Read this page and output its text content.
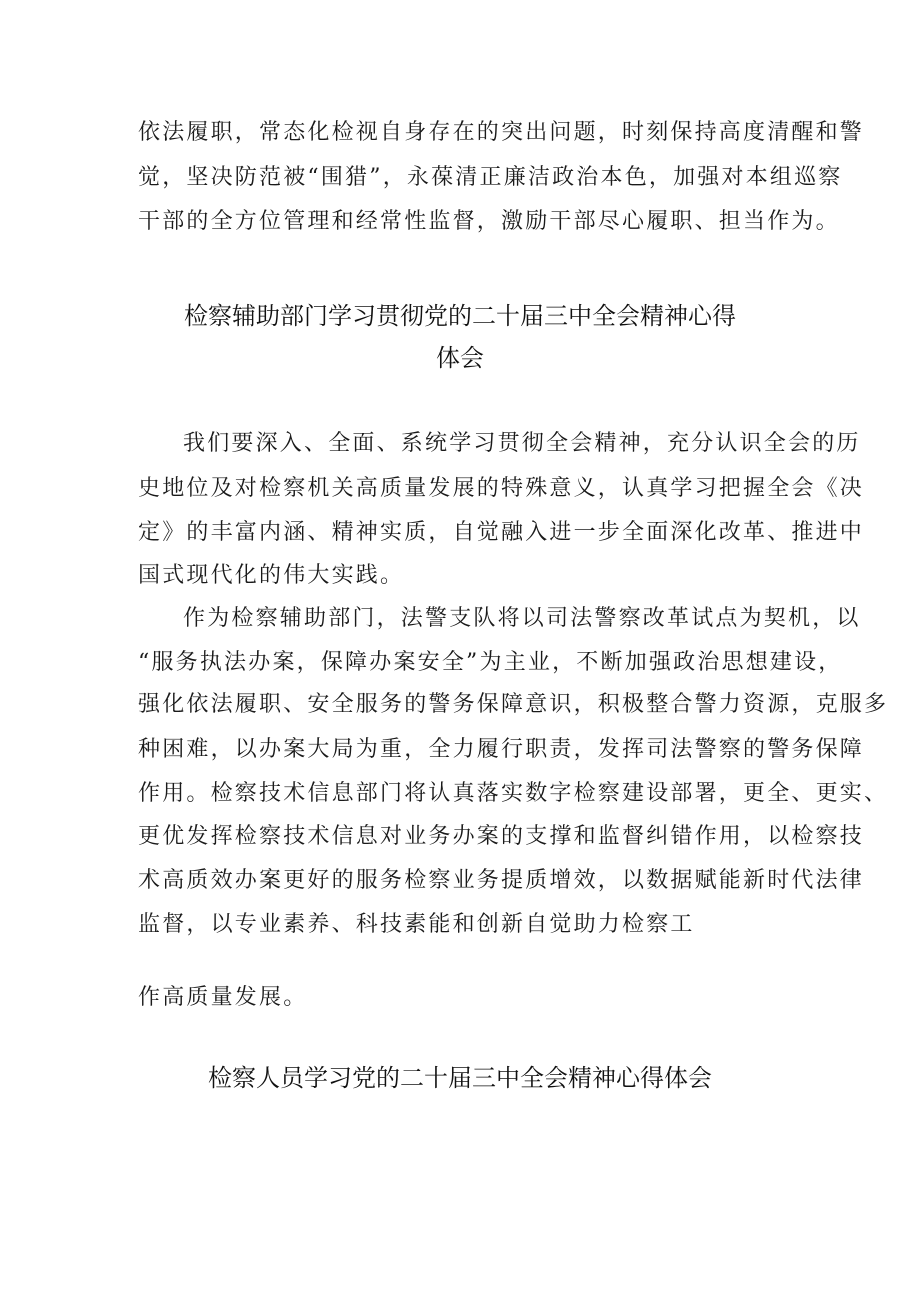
依法履职，常态化检视自身存在的突出问题，时刻保持高度清醒和警
觉，坚决防范被“围猎”，永葆清正廉洁政治本色，加强对本组巡察
干部的全方位管理和经常性监督，激励干部尽心履职、担当作为。
检察辅助部门学习贯彻党的二十届三中全会精神心得
体会
我们要深入、全面、系统学习贯彻全会精神，充分认识全会的历
史地位及对检察机关高质量发展的特殊意义，认真学习把握全会《决
定》的丰富内涵、精神实质，自觉融入进一步全面深化改革、推进中
国式现代化的伟大实践。
作为检察辅助部门，法警支队将以司法警察改革试点为契机，以
“服务执法办案，保障办案安全”为主业，不断加强政治思想建设，
强化依法履职、安全服务的警务保障意识，积极整合警力资源，克服多
种困难，以办案大局为重，全力履行职责，发挥司法警察的警务保障
作用。检察技术信息部门将认真落实数字检察建设部署，更全、更实、
更优发挥检察技术信息对业务办案的支撑和监督纠错作用，以检察技
术高质效办案更好的服务检察业务提质增效，以数据赋能新时代法律
监督，以专业素养、科技素能和创新自觉助力检察工
作高质量发展。
检察人员学习党的二十届三中全会精神心得体会
